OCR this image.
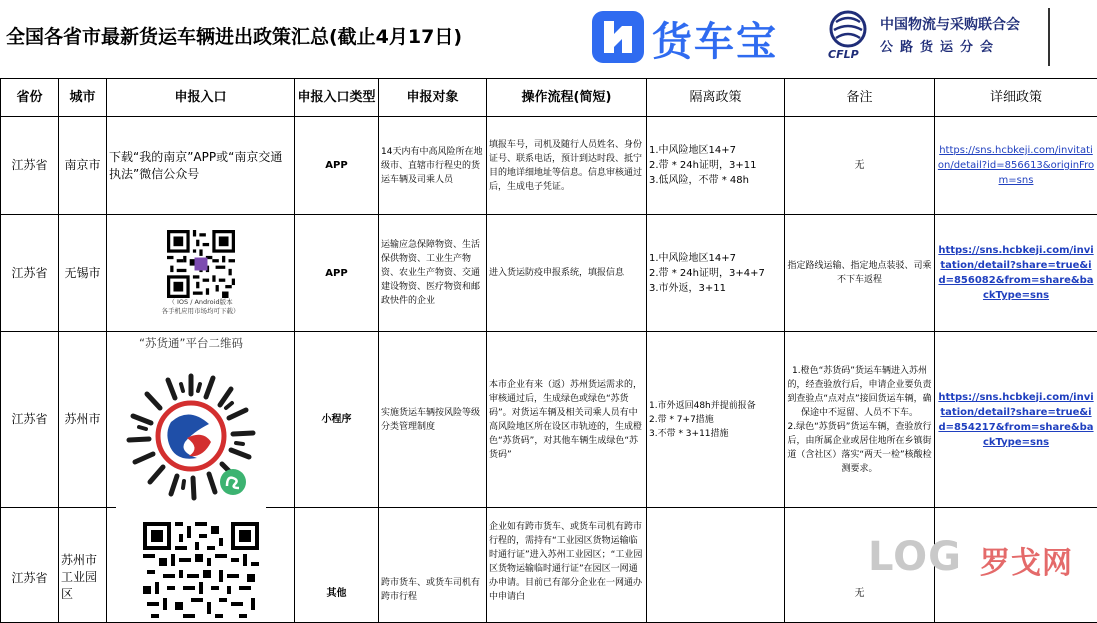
全国各省市最新货运车辆进出政策汇总(截止4月17日)	货车宝	CFLP
中国物流与采购联合会
公路货运分会
省份	城市	申报入口	申报入口类型	申报对象	操作流程(简短)	隔离政策	备注	详细政策
江苏省	南京市	下载“我的南京”APP或“南京交通执法”微信公众号	APP	14天内有中高风险所在地级市、直辖市行程史的货运车辆及司乘人员	填报车号，司机及随行人员姓名、身份证号、联系电话，预计到达时段、抵宁目的地详细地址等信息。信息审核通过后，生成电子凭证。	1.中风险地区14+7
2.带 * 24h证明，3+11
3.低风险，不带 * 48h	无	https://sns.hcbkeji.com/invitation/detail?id=856613&originFrom=sns
江苏省	无锡市	（ IOS / Android版本
各手机应用市场均可下载）	APP	运输应急保障物资、生活保供物资、工业生产物资、农业生产物资、交通建设物资、医疗物资和邮政快件的企业	进入货运防疫申报系统，填报信息	1.中风险地区14+7
2.带 * 24h证明，3+4+7
3.市外返，3+11	指定路线运输、指定地点装驳、司乘不下车返程	https://sns.hcbkeji.com/invitation/detail?share=true&id=856082&from=share&backType=sns
江苏省	苏州市		小程序	实施货运车辆按风险等级分类管理制度	本市企业有来（返）苏州货运需求的，审核通过后，生成绿色或绿色“苏货码”。对货运车辆及相关司乘人员有中高风险地区所在设区市轨迹的，生成橙色“苏货码”，对其他车辆生成绿色“苏货码”	1.市外返回48h并提前报备
2.带 * 7+7措施
3.不带 * 3+11措施	1.橙色“苏货码”货运车辆进入苏州的，经查验放行后，申请企业要负责到查验点“点对点”接回货运车辆，确保途中不逗留、人员不下车。
2.绿色“苏货码”货运车辆，查验放行后，由所属企业或居住地所在乡镇街道（含社区）落实“两天一检”核酸检测要求。	https://sns.hcbkeji.com/invitation/detail?share=true&id=854217&from=share&backType=sns
江苏省	苏州市工业园区		其他	跨市货车、或货车司机有跨市行程	企业如有跨市货车、或货车司机有跨市行程的，需持有“工业园区货物运输临时通行证”进入苏州工业园区；“工业园区货物运输临时通行证”在园区一网通办申请。目前已有部分企业在一网通办中申请白		无	
“苏货通”平台二维码
LOG 罗戈网
